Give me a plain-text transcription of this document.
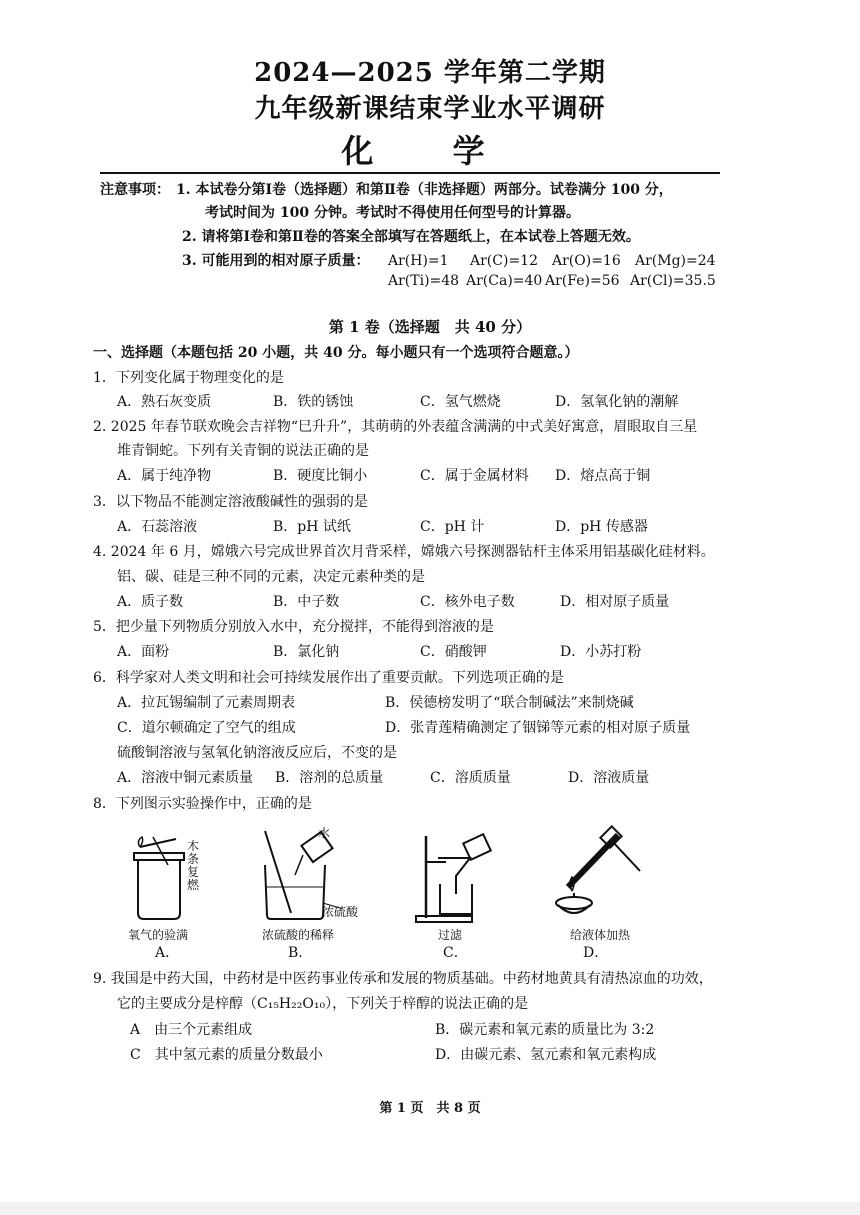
2024—2025 学年第二学期
九年级新课结束学业水平调研
化 学
注意事项： 1. 本试卷分第Ⅰ卷（选择题）和第Ⅱ卷（非选择题）两部分。试卷满分 100 分，
考试时间为 100 分钟。考试时不得使用任何型号的计算器。
2. 请将第Ⅰ卷和第Ⅱ卷的答案全部填写在答题纸上，在本试卷上答题无效。
3. 可能用到的相对原子质量： Ar(H)=1 Ar(C)=12 Ar(O)=16 Ar(Mg)=24
Ar(Ti)=48 Ar(Ca)=40 Ar(Fe)=56 Ar(Cl)=35.5
第 1 卷（选择题　共 40 分）
一、选择题（本题包括 20 小题，共 40 分。每小题只有一个选项符合题意。）
1．下列变化属于物理变化的是
A．熟石灰变质	B．铁的锈蚀	C．氢气燃烧	D．氢氧化钠的潮解
2. 2025 年春节联欢晚会吉祥物“巳升升”，其萌萌的外表蕴含满满的中式美好寓意，眉眼取自三星
堆青铜蛇。下列有关青铜的说法正确的是
A．属于纯净物	B．硬度比铜小	C．属于金属材料 D．熔点高于铜
3．以下物品不能测定溶液酸碱性的强弱的是
A．石蕊溶液	B．pH 试纸	C．pH 计	D．pH 传感器
4. 2024 年 6 月，嫦娥六号完成世界首次月背采样，嫦娥六号探测器钻杆主体采用铝基碳化硅材料。
铝、碳、硅是三种不同的元素，决定元素种类的是
A．质子数	B．中子数	C．核外电子数	D．相对原子质量
5．把少量下列物质分别放入水中，充分搅拌，不能得到溶液的是
A．面粉	B．氯化钠	C．硝酸钾	D．小苏打粉
6．科学家对人类文明和社会可持续发展作出了重要贡献。下列选项正确的是
A．拉瓦锡编制了元素周期表	B．侯德榜发明了“联合制碱法”来制烧碱
C．道尔顿确定了空气的组成	D．张青莲精确测定了铟锑等元素的相对原子质量
硫酸铜溶液与氢氧化钠溶液反应后，不变的是
A．溶液中铜元素质量 B．溶剂的总质量	C．溶质质量	D．溶液质量
8．下列图示实验操作中，正确的是
木条复燃
氧气的验满
A．
水
浓硫酸
浓硫酸的稀释
B．
过滤
C．
给液体加热
D．
9. 我国是中药大国，中药材是中医药事业传承和发展的物质基础。中药材地黄具有清热凉血的功效，
它的主要成分是梓醇（C₁₅H₂₂O₁₀），下列关于梓醇的说法正确的是
A　由三个元素组成	B．碳元素和氧元素的质量比为 3:2
C　其中氢元素的质量分数最小	D．由碳元素、氢元素和氧元素构成
第 1 页　共 8 页
